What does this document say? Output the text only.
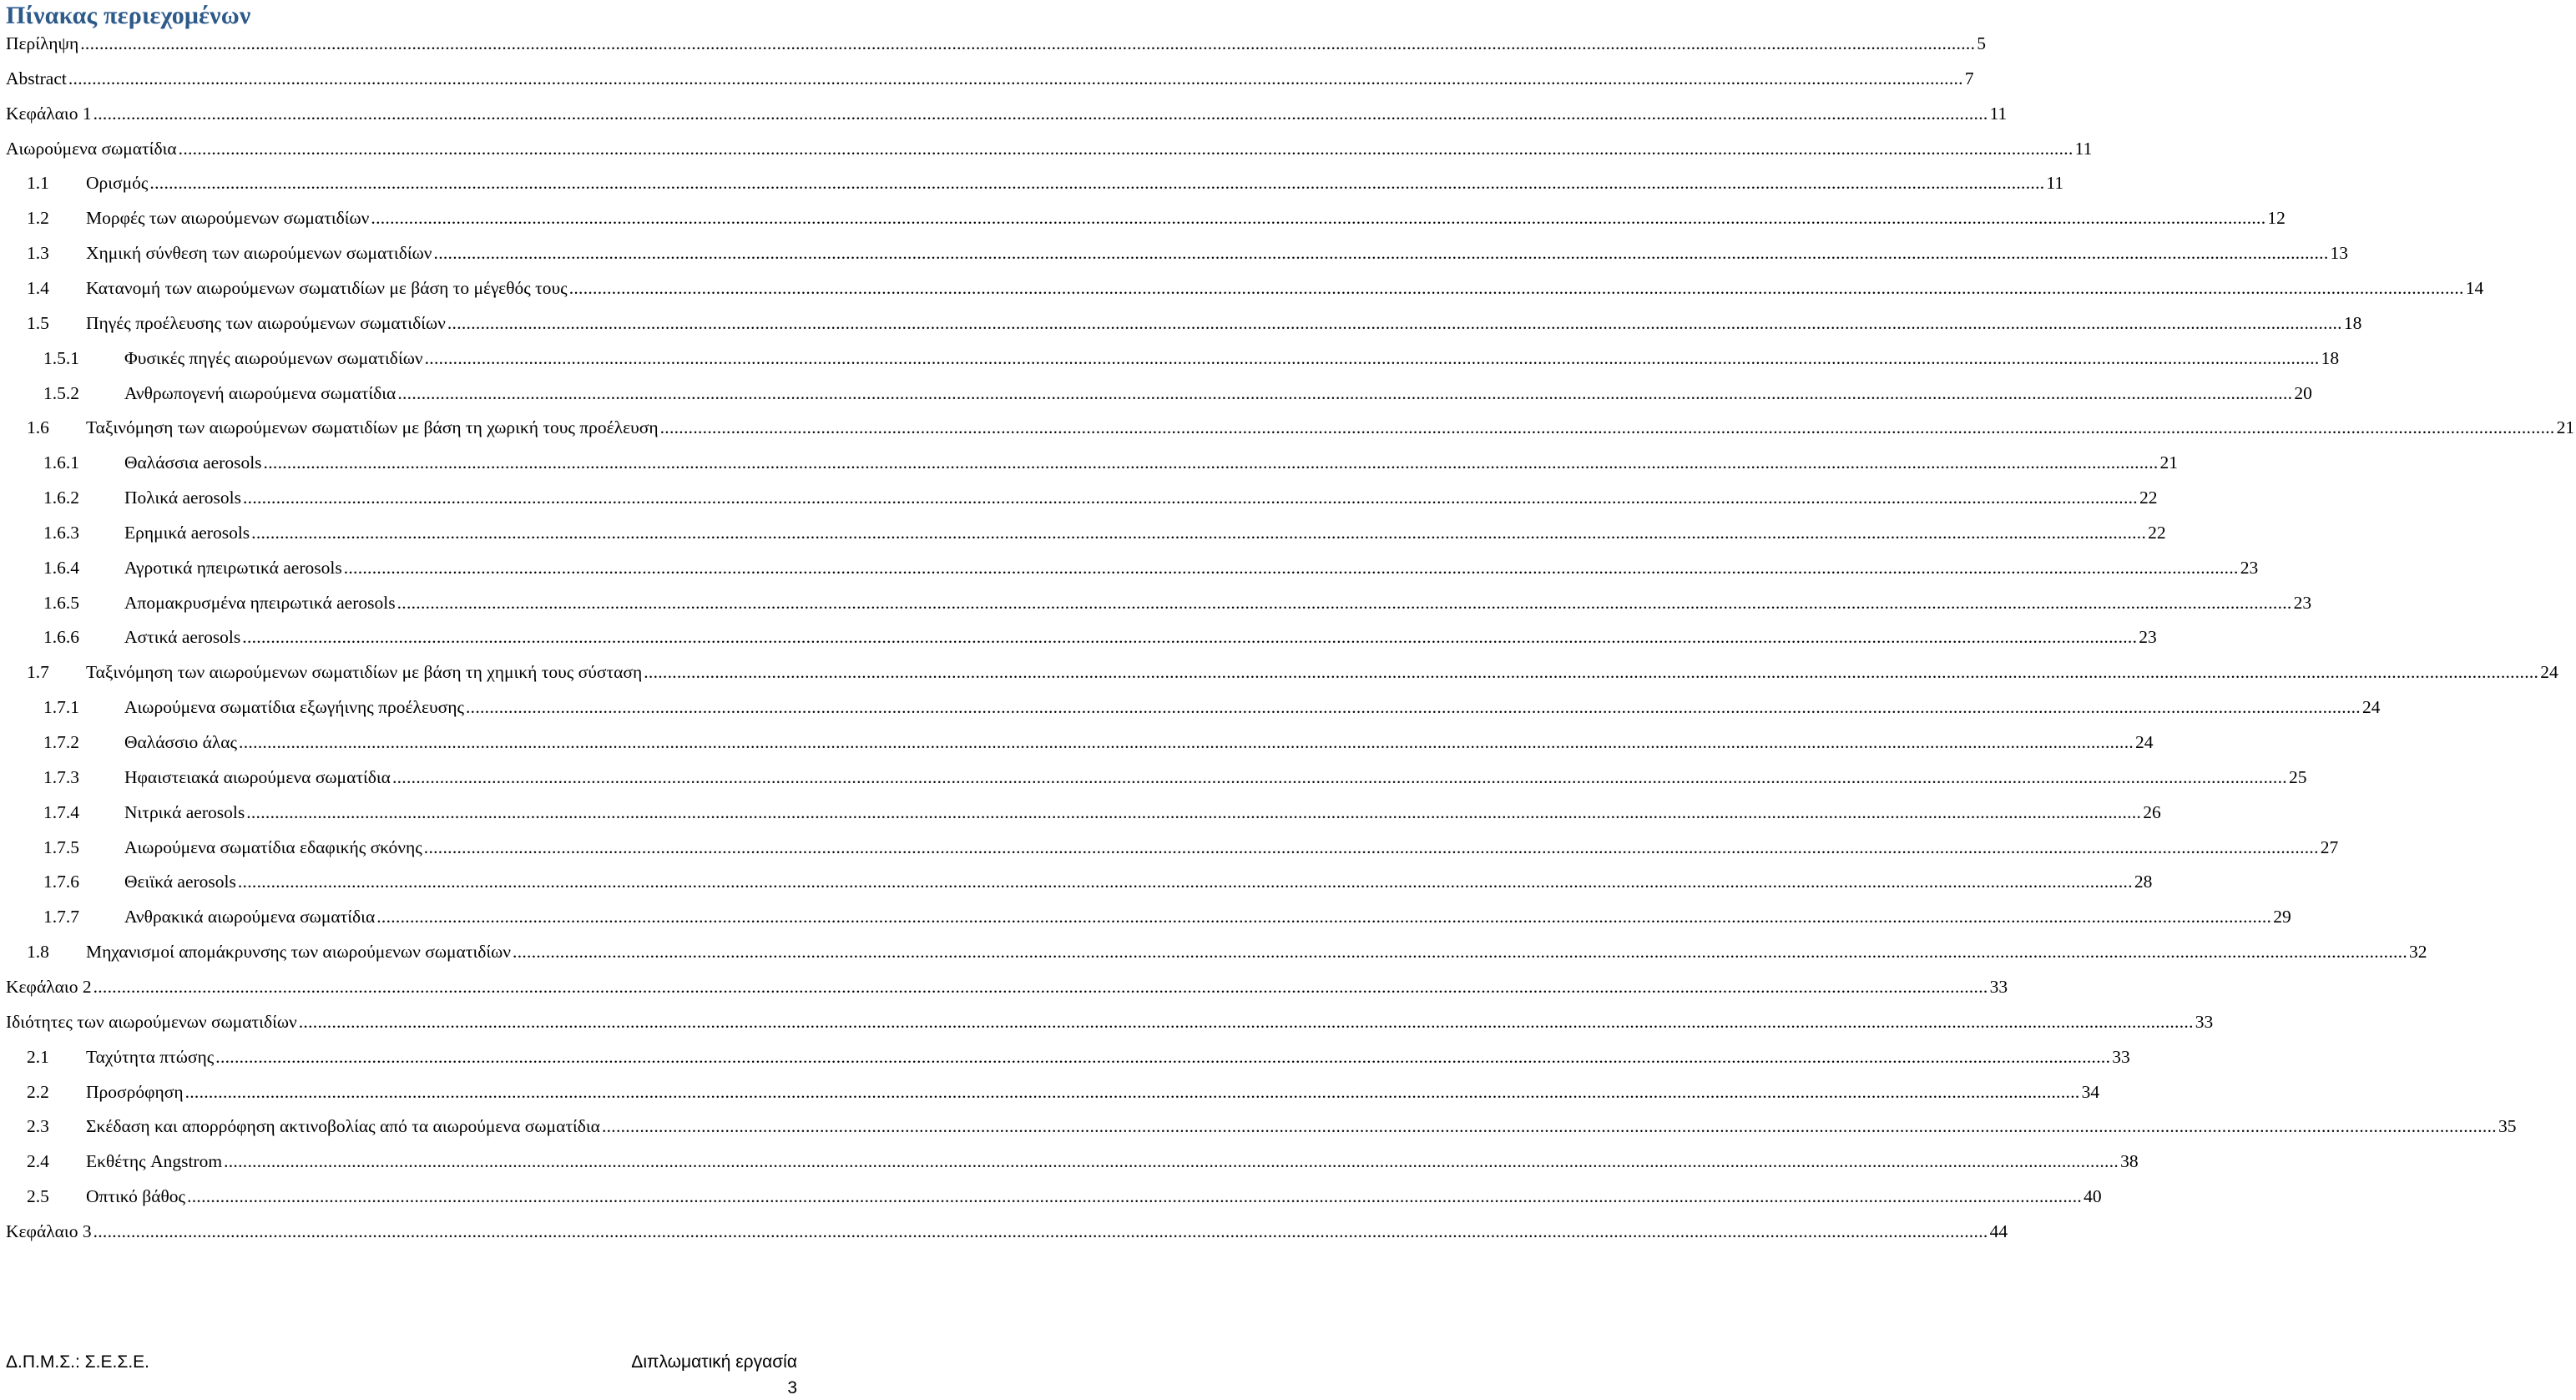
Πίνακας περιεχομένων
Περίληψη ................................................................................................................................................................................................................................................................................................................................................................................................................ 5
Abstract ................................................................................................................................................................................................................................................................................................................................................................................................................ 7
Κεφάλαιο 1 ................................................................................................................................................................................................................................................................................................................................................................................................................ 11
Αιωρούμενα σωματίδια ................................................................................................................................................................................................................................................................................................................................................................................................................ 11
1.1	Ορισμός ................................................................................................................................................................................................................................................................................................................................................................................................................ 11
1.2	Μορφές των αιωρούμενων σωματιδίων ................................................................................................................................................................................................................................................................................................................................................................................................................ 12
1.3	Χημική σύνθεση των αιωρούμενων σωματιδίων ................................................................................................................................................................................................................................................................................................................................................................................................................ 13
1.4	Κατανομή των αιωρούμενων σωματιδίων με βάση το μέγεθός τους ................................................................................................................................................................................................................................................................................................................................................................................................................ 14
1.5	Πηγές προέλευσης των αιωρούμενων σωματιδίων ................................................................................................................................................................................................................................................................................................................................................................................................................ 18
1.5.1	Φυσικές πηγές αιωρούμενων σωματιδίων ................................................................................................................................................................................................................................................................................................................................................................................................................ 18
1.5.2	Ανθρωπογενή αιωρούμενα σωματίδια ................................................................................................................................................................................................................................................................................................................................................................................................................ 20
1.6	Ταξινόμηση των αιωρούμενων σωματιδίων με βάση τη χωρική τους προέλευση ................................................................................................................................................................................................................................................................................................................................................................................................................ 21
1.6.1	Θαλάσσια aerosols ................................................................................................................................................................................................................................................................................................................................................................................................................ 21
1.6.2	Πολικά aerosols ................................................................................................................................................................................................................................................................................................................................................................................................................ 22
1.6.3	Ερημικά aerosols ................................................................................................................................................................................................................................................................................................................................................................................................................ 22
1.6.4	Αγροτικά ηπειρωτικά aerosols ................................................................................................................................................................................................................................................................................................................................................................................................................ 23
1.6.5	Απομακρυσμένα ηπειρωτικά aerosols ................................................................................................................................................................................................................................................................................................................................................................................................................ 23
1.6.6	Αστικά aerosols ................................................................................................................................................................................................................................................................................................................................................................................................................ 23
1.7	Ταξινόμηση των αιωρούμενων σωματιδίων με βάση τη χημική τους σύσταση ................................................................................................................................................................................................................................................................................................................................................................................................................ 24
1.7.1	Αιωρούμενα σωματίδια εξωγήινης προέλευσης ................................................................................................................................................................................................................................................................................................................................................................................................................ 24
1.7.2	Θαλάσσιο άλας ................................................................................................................................................................................................................................................................................................................................................................................................................ 24
1.7.3	Ηφαιστειακά αιωρούμενα σωματίδια ................................................................................................................................................................................................................................................................................................................................................................................................................ 25
1.7.4	Νιτρικά aerosols ................................................................................................................................................................................................................................................................................................................................................................................................................ 26
1.7.5	Αιωρούμενα σωματίδια εδαφικής σκόνης ................................................................................................................................................................................................................................................................................................................................................................................................................ 27
1.7.6	Θειϊκά aerosols ................................................................................................................................................................................................................................................................................................................................................................................................................ 28
1.7.7	Ανθρακικά αιωρούμενα σωματίδια ................................................................................................................................................................................................................................................................................................................................................................................................................ 29
1.8	Μηχανισμοί απομάκρυνσης των αιωρούμενων σωματιδίων ................................................................................................................................................................................................................................................................................................................................................................................................................ 32
Κεφάλαιο 2 ................................................................................................................................................................................................................................................................................................................................................................................................................ 33
Ιδιότητες των αιωρούμενων σωματιδίων ................................................................................................................................................................................................................................................................................................................................................................................................................ 33
2.1	Ταχύτητα πτώσης ................................................................................................................................................................................................................................................................................................................................................................................................................ 33
2.2	Προσρόφηση ................................................................................................................................................................................................................................................................................................................................................................................................................ 34
2.3	Σκέδαση και απορρόφηση ακτινοβολίας από τα αιωρούμενα σωματίδια ................................................................................................................................................................................................................................................................................................................................................................................................................ 35
2.4	Εκθέτης Angstrom ................................................................................................................................................................................................................................................................................................................................................................................................................ 38
2.5	Οπτικό βάθος ................................................................................................................................................................................................................................................................................................................................................................................................................ 40
Κεφάλαιο 3 ................................................................................................................................................................................................................................................................................................................................................................................................................ 44
Δ.Π.Μ.Σ.: Σ.Ε.Σ.Ε.	Διπλωματική εργασία
3
